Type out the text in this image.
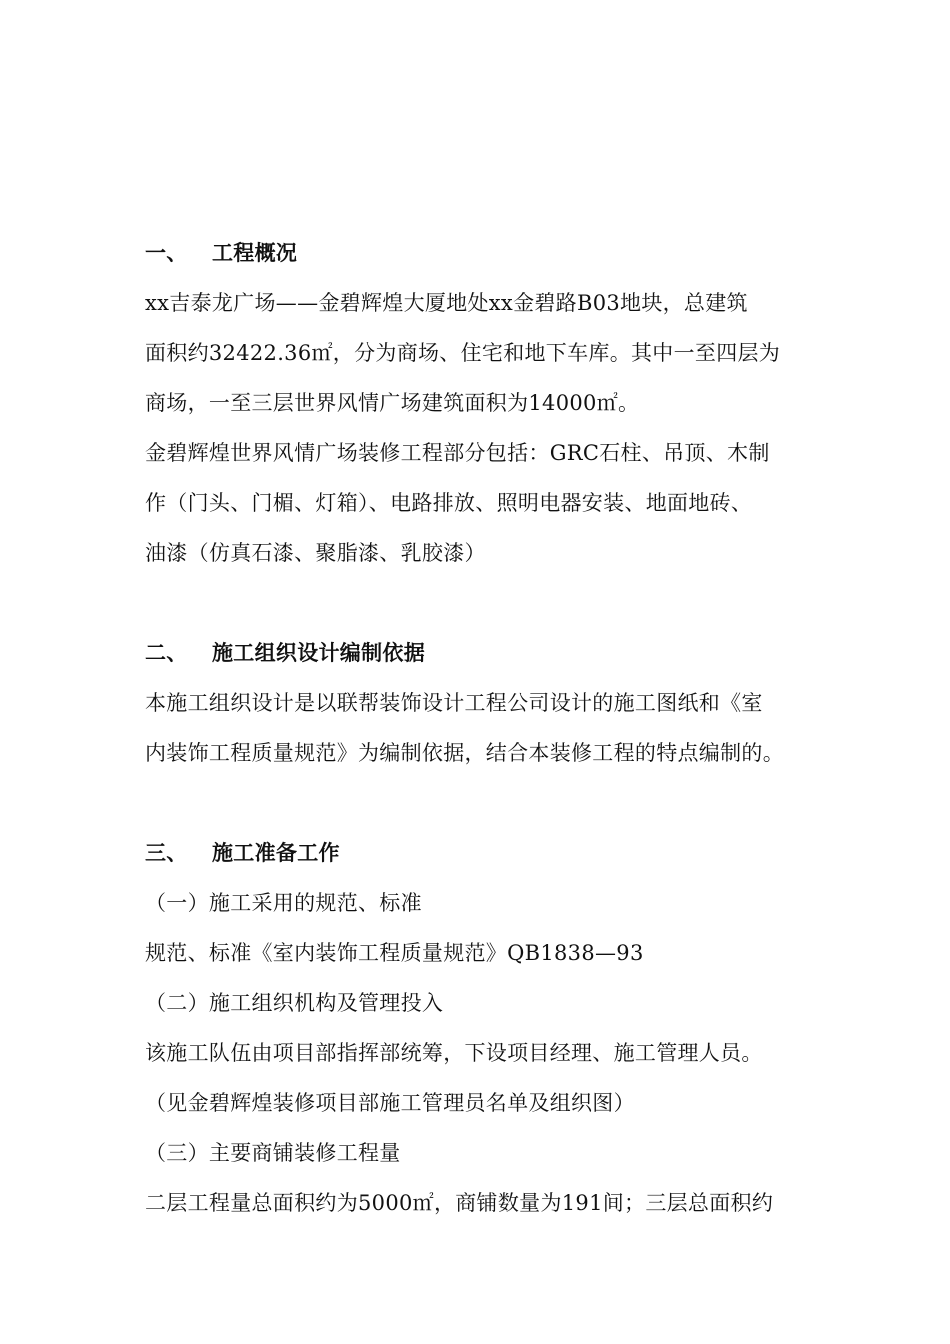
一、	工程概况
xx吉泰龙广场——金碧辉煌大厦地处xx金碧路B03地块，总建筑
面积约32422.36㎡，分为商场、住宅和地下车库。其中一至四层为
商场，一至三层世界风情广场建筑面积为14000㎡。
金碧辉煌世界风情广场装修工程部分包括：GRC石柱、吊顶、木制
作（门头、门楣、灯箱）、电路排放、照明电器安装、地面地砖、
油漆（仿真石漆、聚脂漆、乳胶漆）
二、	施工组织设计编制依据
本施工组织设计是以联帮装饰设计工程公司设计的施工图纸和《室
内装饰工程质量规范》为编制依据，结合本装修工程的特点编制的。
三、	施工准备工作
（一）施工采用的规范、标准
规范、标准《室内装饰工程质量规范》QB1838—93
（二）施工组织机构及管理投入
该施工队伍由项目部指挥部统筹，下设项目经理、施工管理人员。
（见金碧辉煌装修项目部施工管理员名单及组织图）
（三）主要商铺装修工程量
二层工程量总面积约为5000㎡，商铺数量为191间；三层总面积约
